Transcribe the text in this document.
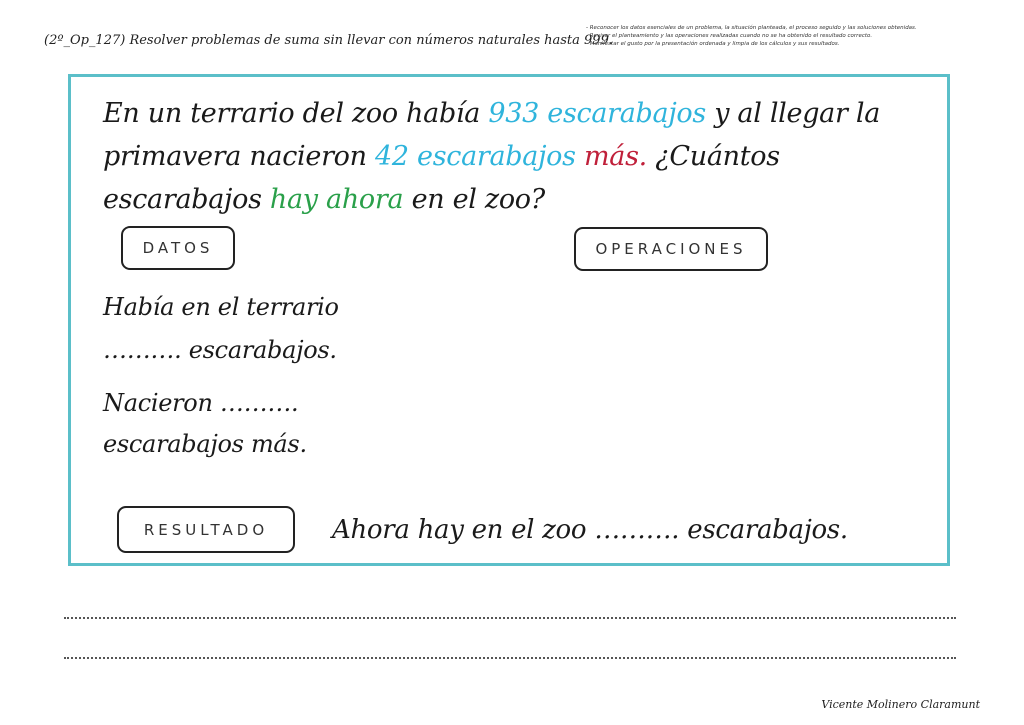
(2º_Op_127) Resolver problemas de suma sin llevar con números naturales hasta 999.
- Reconocer los datos esenciales de un problema, la situación planteada, el proceso seguido y las soluciones obtenidas.
- Revisar el planteamiento y las operaciones realizadas cuando no se ha obtenido el resultado correcto.
- Manifestar el gusto por la presentación ordenada y limpia de los cálculos y sus resultados.
En un terrario del zoo había 933 escarabajos y al llegar la primavera nacieron 42 escarabajos más. ¿Cuántos escarabajos hay ahora en el zoo?
DATOS	OPERACIONES
Había en el terrario
………. escarabajos.
Nacieron ……….
escarabajos más.
RESULTADO	Ahora hay en el zoo ………. escarabajos.
Vicente Molinero Claramunt
